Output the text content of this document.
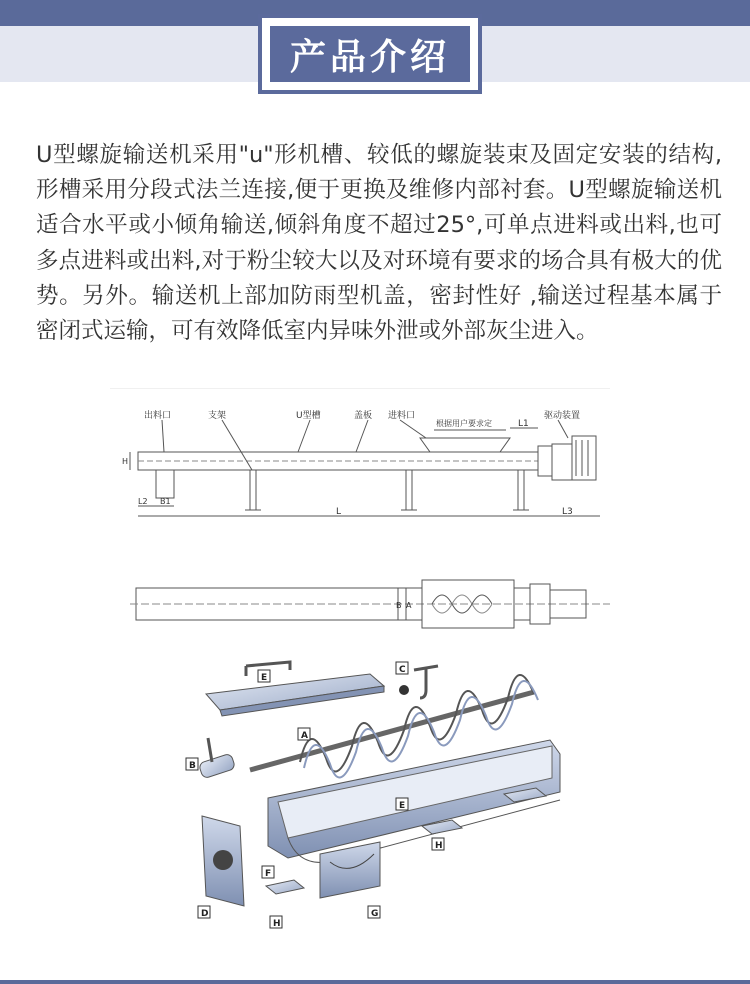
产品介绍
U型螺旋输送机采用"u"形机槽、较低的螺旋装束及固定安装的结构,形槽采用分段式法兰连接,便于更换及维修内部衬套。U型螺旋输送机适合水平或小倾角输送,倾斜角度不超过25°,可单点进料或出料,也可多点进料或出料,对于粉尘较大以及对环境有要求的场合具有极大的优势。另外。输送机上部加防雨型机盖，密封性好 ,输送过程基本属于密闭式运输，可有效降低室内异味外泄或外部灰尘进入。
出料口	支架	U型槽	盖板 进料口
根据用户要求定
驱动装置
L
L1
L2 B1
H
L3
B A
E
C
A
B
E
F
D
H
G
H
